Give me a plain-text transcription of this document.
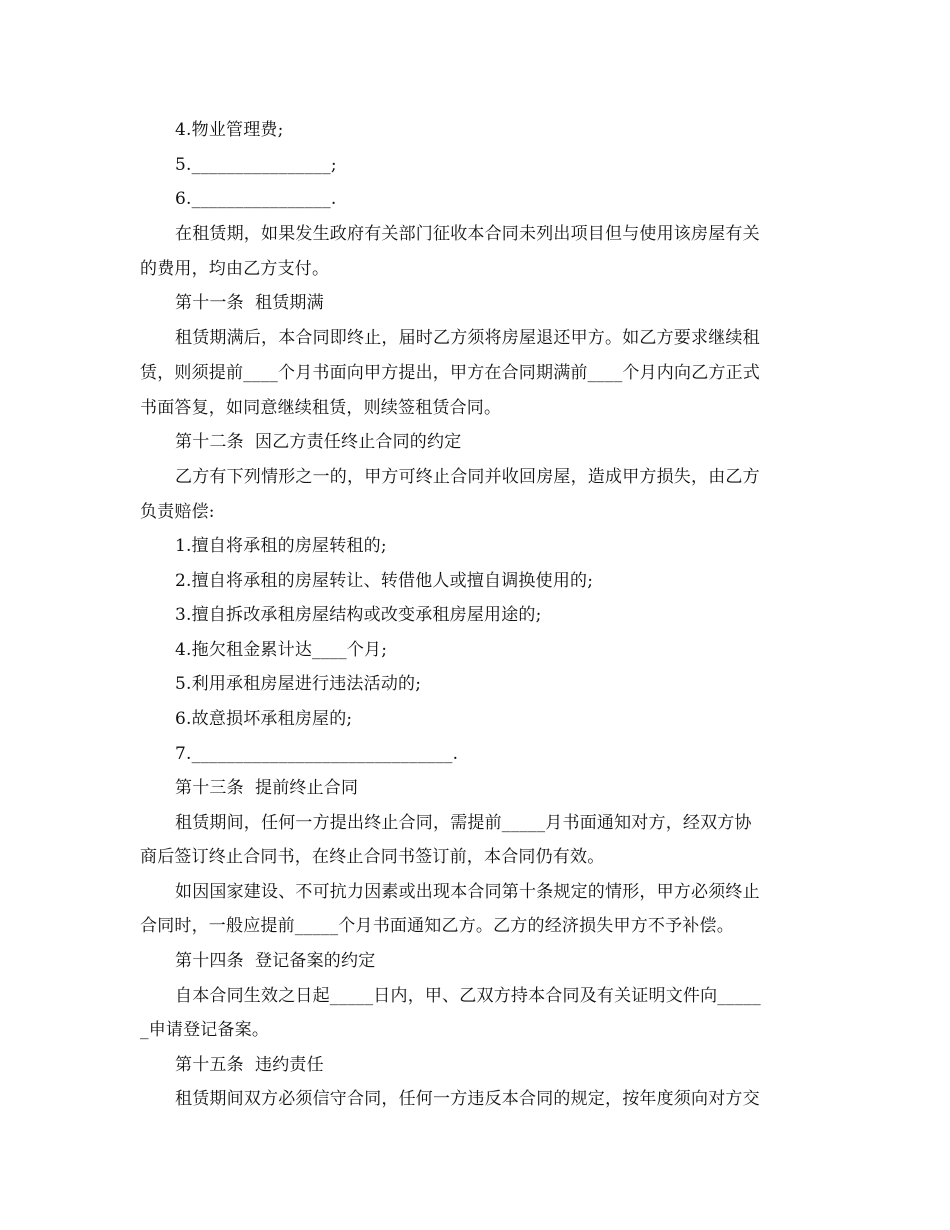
4.物业管理费;
5.________________;
6.________________.
在租赁期，如果发生政府有关部门征收本合同未列出项目但与使用该房屋有关
的费用，均由乙方支付。
第十一条  租赁期满
租赁期满后，本合同即终止，届时乙方须将房屋退还甲方。如乙方要求继续租
赁，则须提前____个月书面向甲方提出，甲方在合同期满前____个月内向乙方正式
书面答复，如同意继续租赁，则续签租赁合同。
第十二条  因乙方责任终止合同的约定
乙方有下列情形之一的，甲方可终止合同并收回房屋，造成甲方损失，由乙方
负责赔偿:
1.擅自将承租的房屋转租的;
2.擅自将承租的房屋转让、转借他人或擅自调换使用的;
3.擅自拆改承租房屋结构或改变承租房屋用途的;
4.拖欠租金累计达____个月;
5.利用承租房屋进行违法活动的;
6.故意损坏承租房屋的;
7.______________________________.
第十三条  提前终止合同
租赁期间，任何一方提出终止合同，需提前_____月书面通知对方，经双方协
商后签订终止合同书，在终止合同书签订前，本合同仍有效。
如因国家建设、不可抗力因素或出现本合同第十条规定的情形，甲方必须终止
合同时，一般应提前_____个月书面通知乙方。乙方的经济损失甲方不予补偿。
第十四条  登记备案的约定
自本合同生效之日起_____日内，甲、乙双方持本合同及有关证明文件向_____
_申请登记备案。
第十五条  违约责任
租赁期间双方必须信守合同，任何一方违反本合同的规定，按年度须向对方交
